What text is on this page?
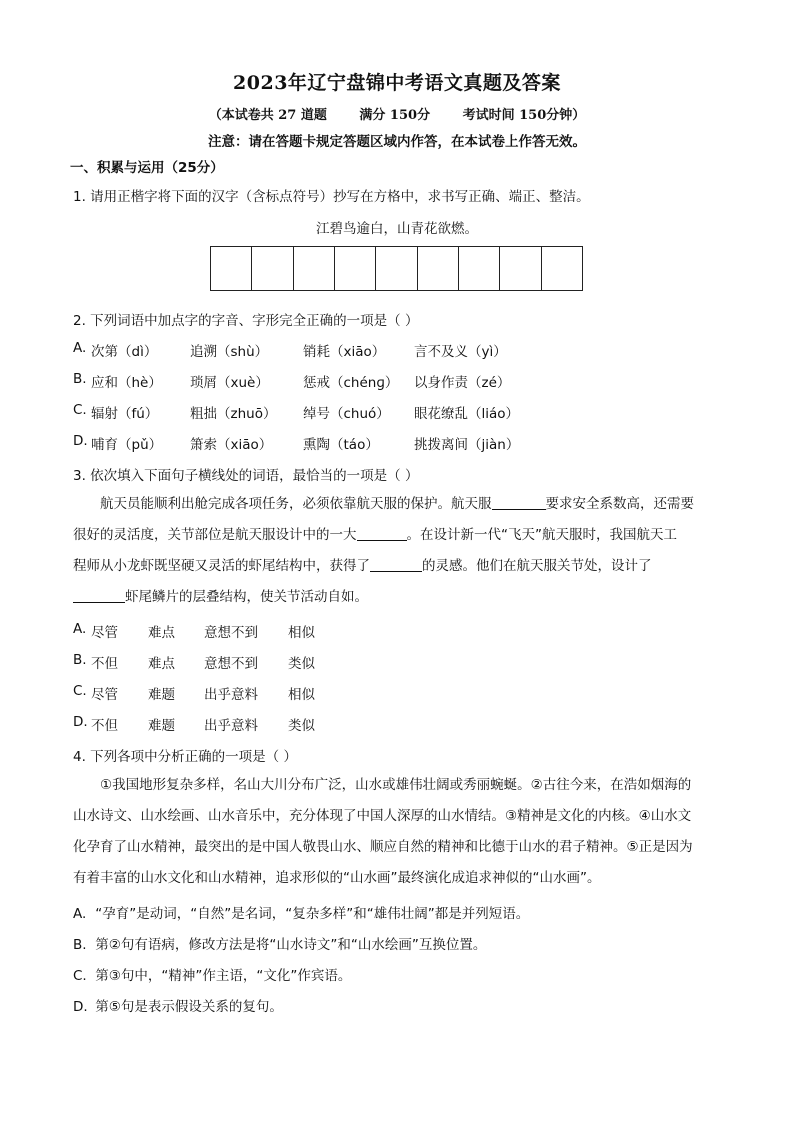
2023年辽宁盘锦中考语文真题及答案
（本试卷共 27 道题	满分 150分	考试时间 150分钟）
注意：请在答题卡规定答题区域内作答，在本试卷上作答无效。
一、积累与运用（25分）
1. 请用正楷字将下面的汉字（含标点符号）抄写在方格中，求书写正确、端正、整洁。
江碧鸟逾白，山青花欲燃。
2. 下列词语中加点字的字音、字形完全正确的一项是（ ）
A. 次第（dì） 追溯（shù）	销耗（xiāo） 言不及义（yì）
B. 应和（hè） 琐屑（xuè）	惩戒（chénɡ） 以身作责（zé）
C. 辐射（fú） 粗拙（zhuō） 绰号（chuó） 眼花缭乱（liáo）
D. 哺育（pǔ） 箫索（xiāo） 熏陶（táo）	挑拨离间（jiàn）
3. 依次填入下面句子横线处的词语，最恰当的一项是（ ）

航天员能顺利出舱完成各项任务，必须依靠航天服的保护。航天服	要求安全系数高，还需要

很好的灵活度，关节部位是航天服设计中的一大	。在设计新一代“飞天”航天服时，我国航天工

程师从小龙虾既坚硬又灵活的虾尾结构中，获得了	的灵感。他们在航天服关节处，设计了

虾尾鳞片的层叠结构，使关节活动自如。

A. 尽管 难点 意想不到 相似
B. 不但 难点 意想不到 类似
C. 尽管 难题 出乎意料 相似
D. 不但 难题 出乎意料 类似
4. 下列各项中分析正确的一项是（ ）

①我国地形复杂多样，名山大川分布广泛，山水或雄伟壮阔或秀丽蜿蜒。②古往今来，在浩如烟海的

山水诗文、山水绘画、山水音乐中，充分体现了中国人深厚的山水情结。③精神是文化的内核。④山水文

化孕育了山水精神，最突出的是中国人敬畏山水、顺应自然的精神和比德于山水的君子精神。⑤正是因为

有着丰富的山水文化和山水精神，追求形似的“山水画”最终演化成追求神似的“山水画”。

A. “孕育”是动词，“自然”是名词，“复杂多样”和“雄伟壮阔”都是并列短语。
B. 第②句有语病，修改方法是将“山水诗文”和“山水绘画”互换位置。
C. 第③句中，“精神”作主语，“文化”作宾语。
D. 第⑤句是表示假设关系的复句。
